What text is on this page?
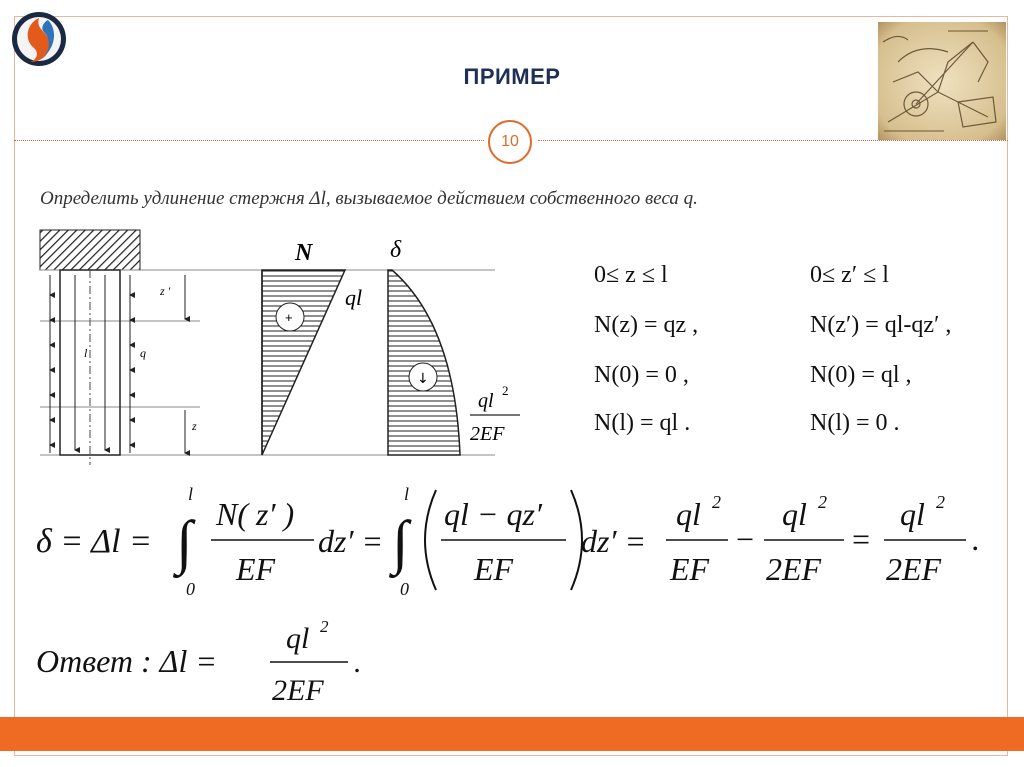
ПРИМЕР
10
Определить удлинение стержня Δl, вызываемое действием собственного веса q.
z ′
z
l	q
+
N
ql
↓
δ
ql 2
2EF
0≤ z ≤ l
N(z) = qz ,
N(0) = 0 ,
N(l) = ql .
0≤ z′ ≤ l
N(z′) = ql-qz′ ,
N(0) = ql ,
N(l) = 0 .
δ = Δl = ∫
l
0
N( z′ )
EF
dz′ = ∫
l
0
ql − qz′
EF
dz′ =
ql 2
EF
−
ql 2
2EF
=
ql 2
2EF
.
Ответ : Δl =
ql 2
2EF
.
